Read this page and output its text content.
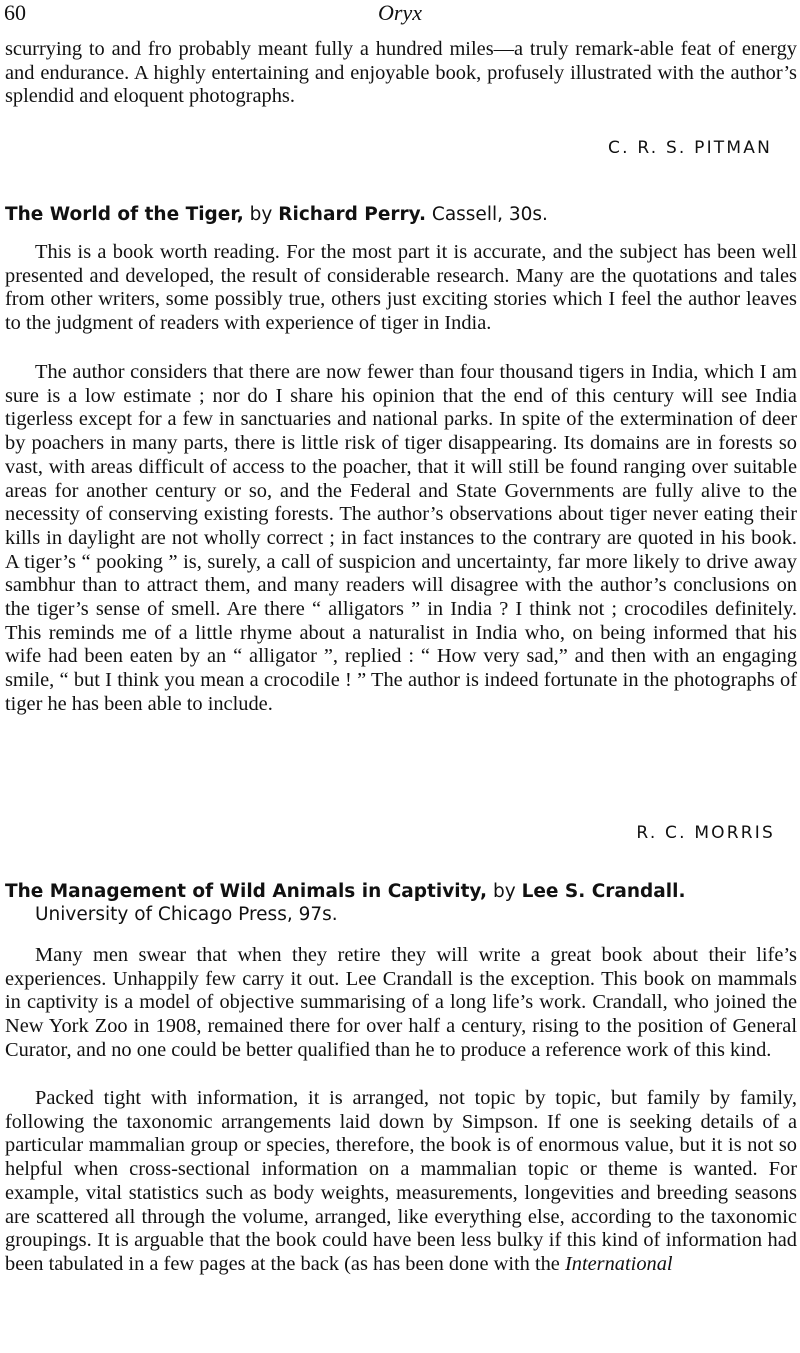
60	Oryx

scurrying to and fro probably meant fully a hundred miles—a truly remark-able feat of energy and endurance. A highly entertaining and enjoyable book, profusely illustrated with the author’s splendid and eloquent photographs.

C. R. S. PITMAN
The World of the Tiger, by Richard Perry. Cassell, 30s.

This is a book worth reading. For the most part it is accurate, and the subject has been well presented and developed, the result of considerable research. Many are the quotations and tales from other writers, some possibly true, others just exciting stories which I feel the author leaves to the judgment of readers with experience of tiger in India.

The author considers that there are now fewer than four thousand tigers in India, which I am sure is a low estimate ; nor do I share his opinion that the end of this century will see India tigerless except for a few in sanctuaries and national parks. In spite of the extermination of deer by poachers in many parts, there is little risk of tiger disappearing. Its domains are in forests so vast, with areas difficult of access to the poacher, that it will still be found ranging over suitable areas for another century or so, and the Federal and State Governments are fully alive to the necessity of conserving existing forests. The author’s observations about tiger never eating their kills in daylight are not wholly correct ; in fact instances to the contrary are quoted in his book. A tiger’s “ pooking ” is, surely, a call of suspicion and uncertainty, far more likely to drive away sambhur than to attract them, and many readers will disagree with the author’s conclusions on the tiger’s sense of smell. Are there “ alligators ” in India ? I think not ; crocodiles definitely. This reminds me of a little rhyme about a naturalist in India who, on being informed that his wife had been eaten by an “ alligator ”, replied : “ How very sad,” and then with an engaging smile, “ but I think you mean a crocodile ! ” The author is indeed fortunate in the photographs of tiger he has been able to include.

R. C. MORRIS
The Management of Wild Animals in Captivity, by Lee S. Crandall.
University of Chicago Press, 97s.

Many men swear that when they retire they will write a great book about their life’s experiences. Unhappily few carry it out. Lee Crandall is the exception. This book on mammals in captivity is a model of objective summarising of a long life’s work. Crandall, who joined the New York Zoo in 1908, remained there for over half a century, rising to the position of General Curator, and no one could be better qualified than he to produce a reference work of this kind.

Packed tight with information, it is arranged, not topic by topic, but family by family, following the taxonomic arrangements laid down by Simpson. If one is seeking details of a particular mammalian group or species, therefore, the book is of enormous value, but it is not so helpful when cross-sectional information on a mammalian topic or theme is wanted. For example, vital statistics such as body weights, measurements, longevities and breeding seasons are scattered all through the volume, arranged, like everything else, according to the taxonomic groupings. It is arguable that the book could have been less bulky if this kind of information had been tabulated in a few pages at the back (as has been done with the International
